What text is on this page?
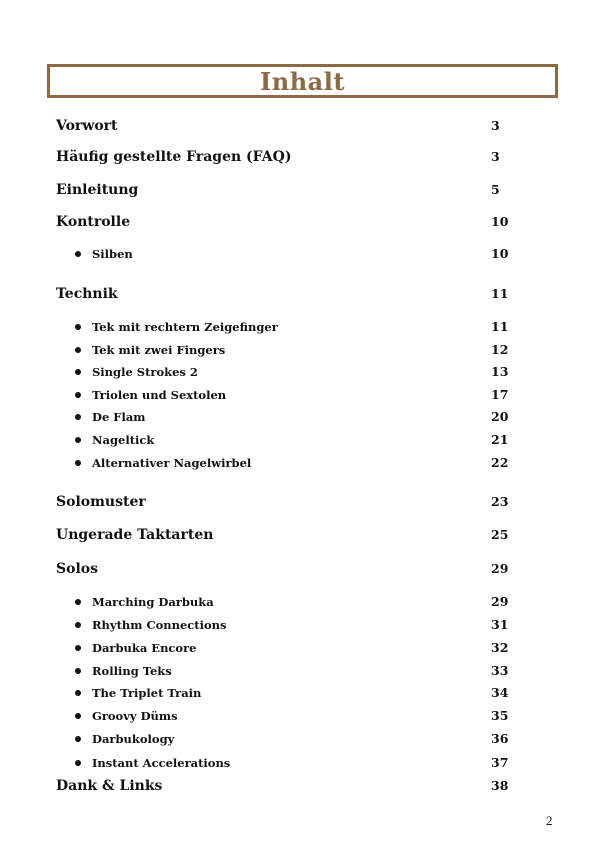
Inhalt
Vorwort	3
Häufig gestellte Fragen (FAQ)	3
Einleitung	5
Kontrolle	10
Silben	10
Technik	11
Tek mit rechtern Zeigefinger	11
Tek mit zwei Fingers	12
Single Strokes 2	13
Triolen und Sextolen	17
De Flam	20
Nageltick	21
Alternativer Nagelwirbel	22
Solomuster	23
Ungerade Taktarten	25
Solos	29
Marching Darbuka	29
Rhythm Connections	31
Darbuka Encore	32
Rolling Teks	33
The Triplet Train	34
Groovy Düms	35
Darbukology	36
Instant Accelerations	37
Dank & Links	38
2
